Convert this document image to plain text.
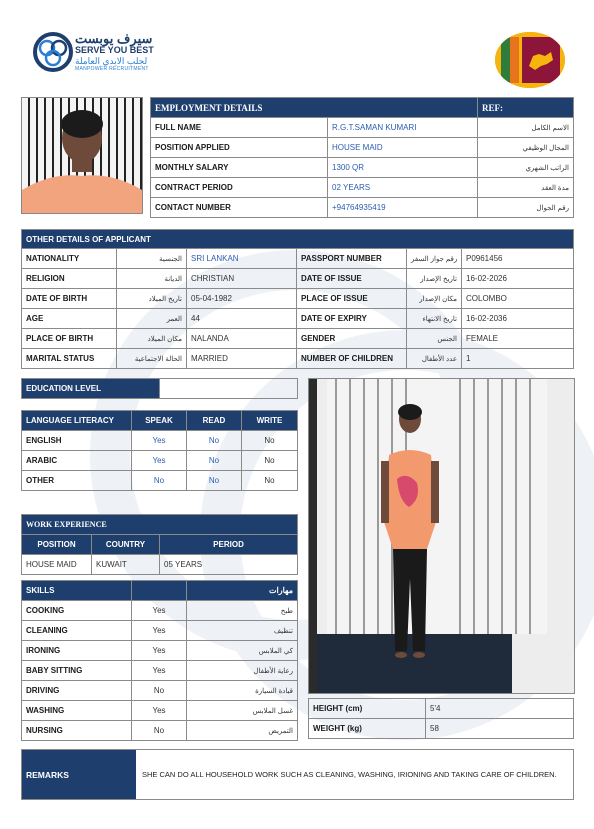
سيرف يوبست
SERVE YOU BEST
لجلب الايدي العاملة
MANPOWER RECRUITMENT
EMPLOYMENT DETAILS		REF:
FULL NAME	R.G.T.SAMAN KUMARI	الاسم الكامل
POSITION APPLIED	HOUSE MAID	المجال الوظيفي
MONTHLY SALARY	1300 QR	الراتب الشهري
CONTRACT PERIOD	02 YEARS	مدة العقد
CONTACT NUMBER	+94764935419	رقم الجوال
OTHER DETAILS OF APPLICANT					
NATIONALITY	الجنسية	SRI LANKAN	PASSPORT NUMBER	رقم جواز السفر	P0961456
RELIGION	الديانة	CHRISTIAN	DATE OF ISSUE	تاريخ الإصدار	16-02-2026
DATE OF BIRTH	تاريخ الميلاد	05-04-1982	PLACE OF ISSUE	مكان الإصدار	COLOMBO
AGE	العمر	44	DATE OF EXPIRY	تاريخ الانتهاء	16-02-2036
PLACE OF BIRTH	مكان الميلاد	NALANDA	GENDER	الجنس	FEMALE
MARITAL STATUS	الحالة الاجتماعية	MARRIED	NUMBER OF CHILDREN	عدد الأطفال	1
EDUCATION LEVEL	
LANGUAGE LITERACY	SPEAK	READ	WRITE
ENGLISH	Yes	No	No
ARABIC	Yes	No	No
OTHER	No	No	No
WORK EXPERIENCE		
POSITION	COUNTRY	PERIOD
HOUSE MAID	KUWAIT	05 YEARS
SKILLS		مهارات
COOKING	Yes	طبخ
CLEANING	Yes	تنظيف
IRONING	Yes	كي الملابس
BABY SITTING	Yes	رعاية الأطفال
DRIVING	No	قيادة السيارة
WASHING	Yes	غسل الملابس
NURSING	No	التمريض
HEIGHT (cm)	5'4
WEIGHT (kg)	58
REMARKS	SHE CAN DO ALL HOUSEHOLD WORK SUCH AS CLEANING, WASHING, IRIONING AND TAKING CARE OF CHILDREN.
